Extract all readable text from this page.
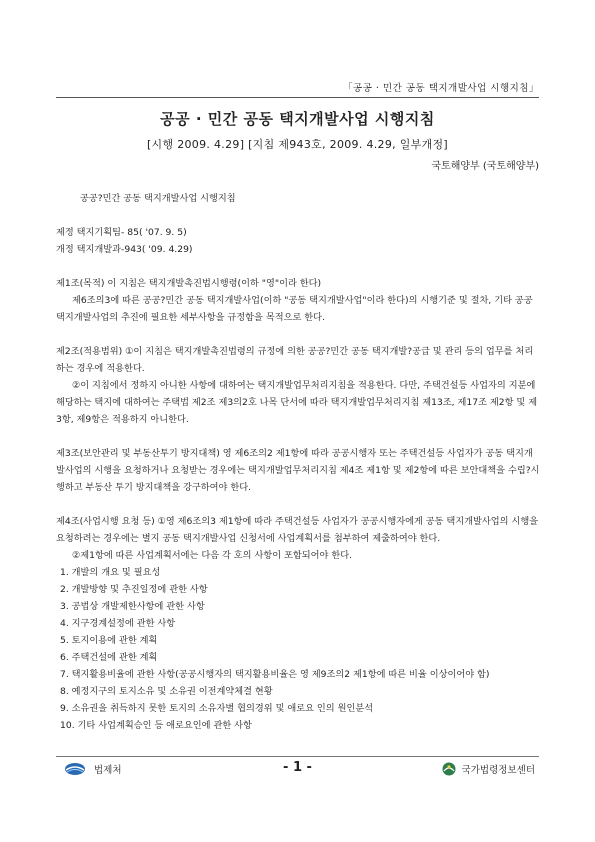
「공공 · 민간 공동 택지개발사업 시행지침」
공공 · 민간 공동 택지개발사업 시행지침
[시행 2009. 4.29] [지침 제943호, 2009. 4.29, 일부개정]
국토해양부 (국토해양부)

공공?민간 공동 택지개발사업 시행지침

제정 택지기획팀- 85( '07. 9. 5)

개정 택지개발과-943( '09. 4.29)

제1조(목적) 이 지침은 택지개발촉진법시행령(이하 "영"이라 한다)

제6조의3에 따른 공공?민간 공동 택지개발사업(이하 "공동 택지개발사업"이라 한다)의 시행기준 및 절차, 기타 공공 택지개발사업의 추진에 필요한 세부사항을 규정함을 목적으로 한다.

제2조(적용범위) ①이 지침은 택지개발촉진법령의 규정에 의한 공공?민간 공동 택지개발?공급 및 관리 등의 업무를 처리하는 경우에 적용한다.

②이 지침에서 정하지 아니한 사항에 대하여는 택지개발업무처리지침을 적용한다. 다만, 주택건설등 사업자의 지분에 해당하는 택지에 대하여는 주택법 제2조 제3의2호 나목 단서에 따라 택지개발업무처리지침 제13조, 제17조 제2항 및 제3항, 제9항은 적용하지 아니한다.

제3조(보안관리 및 부동산투기 방지대책) 영 제6조의2 제1항에 따라 공공시행자 또는 주택건설등 사업자가 공동 택지개발사업의 시행을 요청하거나 요청받는 경우에는 택지개발업무처리지침 제4조 제1항 및 제2항에 따른 보안대책을 수립?시행하고 부동산 투기 방지대책을 강구하여야 한다.

제4조(사업시행 요청 등) ①영 제6조의3 제1항에 따라 주택건설등 사업자가 공공시행자에게 공동 택지개발사업의 시행을 요청하려는 경우에는 별지 공동 택지개발사업 신청서에 사업계획서를 첨부하여 제출하여야 한다.

②제1항에 따른 사업계획서에는 다음 각 호의 사항이 포함되어야 한다.

1. 개발의 개요 및 필요성

2. 개발방향 및 추진일정에 관한 사항

3. 공법상 개발제한사항에 관한 사항

4. 지구경계설정에 관한 사항

5. 토지이용에 관한 계획

6. 주택건설에 관한 계획

7. 택지활용비율에 관한 사항(공공시행자의 택지활용비율은 영 제9조의2 제1항에 따른 비율 이상이어야 함)

8. 예정지구의 토지소유 및 소유권 이전계약체결 현황

9. 소유권을 취득하지 못한 토지의 소유자별 협의경위 및 애로요 인의 원인분석

10. 기타 사업계획승인 등 애로요인에 관한 사항

법제처	- 1 -	국가법령정보센터
